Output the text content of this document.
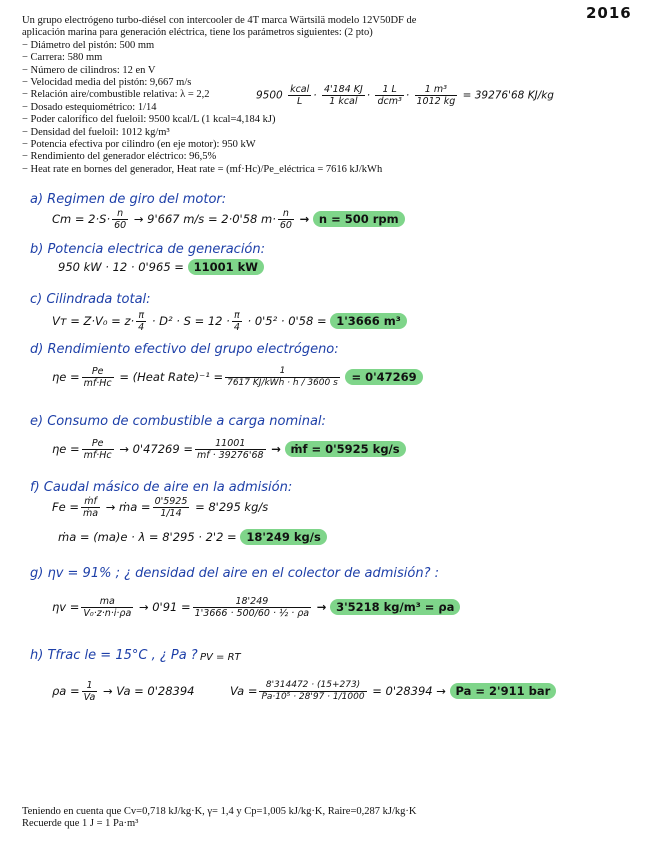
2016
Un grupo electrógeno turbo-diésel con intercooler de 4T marca Wärtsilä modelo 12V50DF de
aplicación marina para generación eléctrica, tiene los parámetros siguientes: (2 pto)
− Diámetro del pistón: 500 mm
− Carrera: 580 mm
− Número de cilindros: 12 en V
− Velocidad media del pistón: 9,667 m/s
− Relación aire/combustible relativa: λ = 2,2
− Dosado estequiométrico: 1/14
− Poder calorífico del fueloil: 9500 kcal/L (1 kcal=4,184 kJ)
− Densidad del fueloil: 1012 kg/m³
− Potencia efectiva por cilindro (en eje motor): 950 kW
− Rendimiento del generador eléctrico: 96,5%
− Heat rate en bornes del generador, Heat rate = (mf·Hc)/Pe_eléctrica = 7616 kJ/kWh
$9500 \frac{\text{kcal}}{L} \cdot \frac{4'184 KJ}{\text{1 kcal}} \cdot \frac{1 L}{\text{dcm³}} \cdot \frac{\text{1 m³}}{1012 kg} = 39276'68$ KJ/kg
a) Regimen de giro del motor:
$Cm = 2\cdot S\cdot \frac{n}{60} \to 9'667$ m/s = 2·0'58 $m\cdot \frac{n}{60} \to n = 500$ rpm
b) Potencia electrica de generación:
950 kW · 12 · 0'965 = 11001 kW
c) Cilindrada total:
Vᴛ = $Z\cdot V_0 = z\cdot \frac{\pi}{4} \cdot D^2 \cdot S = 12 \cdot \frac{\pi}{4} \cdot 0'5^2 \cdot 0'58 = 1'3666$ m³
d) Rendimiento efectivo del grupo electrógeno:
$\eta e = \frac{Pe}{mf\cdot Hc}$ = (Heat Rate)⁻¹ = $\frac{1}{\text{7617 KJ/kWh · h / 3600 s}} = 0'47269$
e) Consumo de combustible a carga nominal:
$\eta e = \frac{Pe}{mf\cdot Hc} \to 0'47269 = \frac{11001}{mf \cdot 39276'68}$ → ṁf = 0'5925 kg/s
f) Caudal másico de aire en la admisión:
$Fe = \frac{\text{ṁf}}{\text{ṁa}}$ → ṁa = $\frac{0'5925}{1/14} = 8'295$ kg/s
ṁa = (ma)e · λ = 8'295 · 2'2 = 18'249 kg/s
g) ηv = 91% ; ¿ densidad del aire en el colector de admisión? :
$\eta v = \frac{ma}{\text{V₀·z·n·i·ρa}} \to 0'91 = \frac{18'249}{\text{1'3666 · 500/60 · ½ · ρa}} \to 3'5218$ kg/m³ = ρa
h) Tfrac le = 15°C , ¿ Pa ? PV = RT
$\rho a = \frac{1}{Va} \to Va = 0'28394$	$Va = \frac{8'314472 \cdot (15+273)}{\text{Pa·10⁵ · 28'97 · 1/1000}} = 0'28394 \to Pa = 2'911$ bar
Teniendo en cuenta que Cv=0,718 kJ/kg·K, γ= 1,4 y Cp=1,005 kJ/kg·K, Raire=0,287 kJ/kg·K
Recuerde que 1 J = 1 Pa·m³
